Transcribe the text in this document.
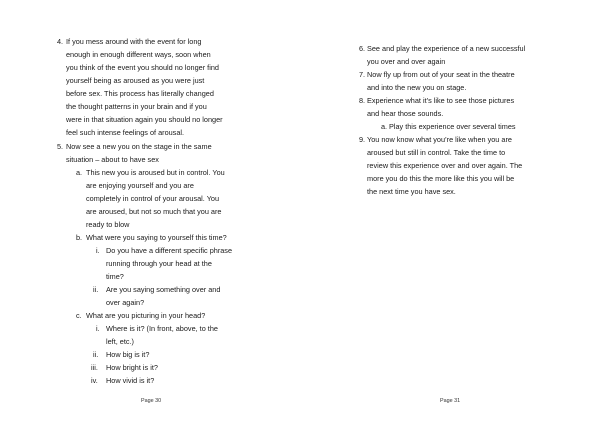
4. If you mess around with the event for long
enough in enough different ways, soon when
you think of the event you should no longer find
yourself being as aroused as you were just
before sex. This process has literally changed
the thought patterns in your brain and if you
were in that situation again you should no longer
feel such intense feelings of arousal.
5. Now see a new you on the stage in the same
situation – about to have sex
a. This new you is aroused but in control. You
are enjoying yourself and you are
completely in control of your arousal. You
are aroused, but not so much that you are
ready to blow
b. What were you saying to yourself this time?
i. Do you have a different specific phrase
running through your head at the
time?
ii. Are you saying something over and
over again?
c. What are you picturing in your head?
i. Where is it? (In front, above, to the
left, etc.)
ii. How big is it?
iii. How bright is it?
iv. How vivid is it?
Page 30
6. See and play the experience of a new successful
you over and over again
7. Now fly up from out of your seat in the theatre
and into the new you on stage.
8. Experience what it’s like to see those pictures
and hear those sounds.
a. Play this experience over several times
9. You now know what you’re like when you are
aroused but still in control. Take the time to
review this experience over and over again. The
more you do this the more like this you will be
the next time you have sex.
Page 31
